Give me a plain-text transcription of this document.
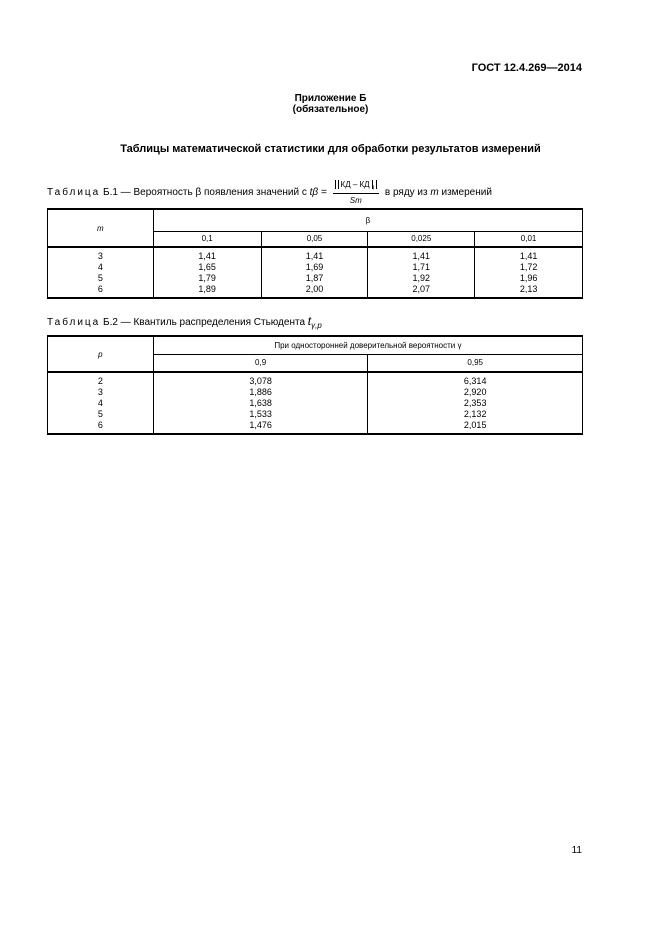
ГОСТ 12.4.269—2014
Приложение Б
(обязательное)
Таблицы математической статистики для обработки результатов измерений
Таблица Б.1 — Вероятность β появления значений с $t\beta = \frac{КД - КД _i}{Sm}$ в ряду из m измерений
m	β			
	0,1	0,05	0,025	0,01
3	1,41	1,41	1,41	1,41
4	1,65	1,69	1,71	1,72
5	1,79	1,87	1,92	1,96
6	1,89	2,00	2,07	2,13
Таблица Б.2 — Квантиль распределения Стьюдента $t_{\gamma,p}$
p	При односторонней доверительной вероятности γ	
	0,9	0,95
2	3,078	6,314
3	1,886	2,920
4	1,638	2,353
5	1,533	2,132
6	1,476	2,015
11
